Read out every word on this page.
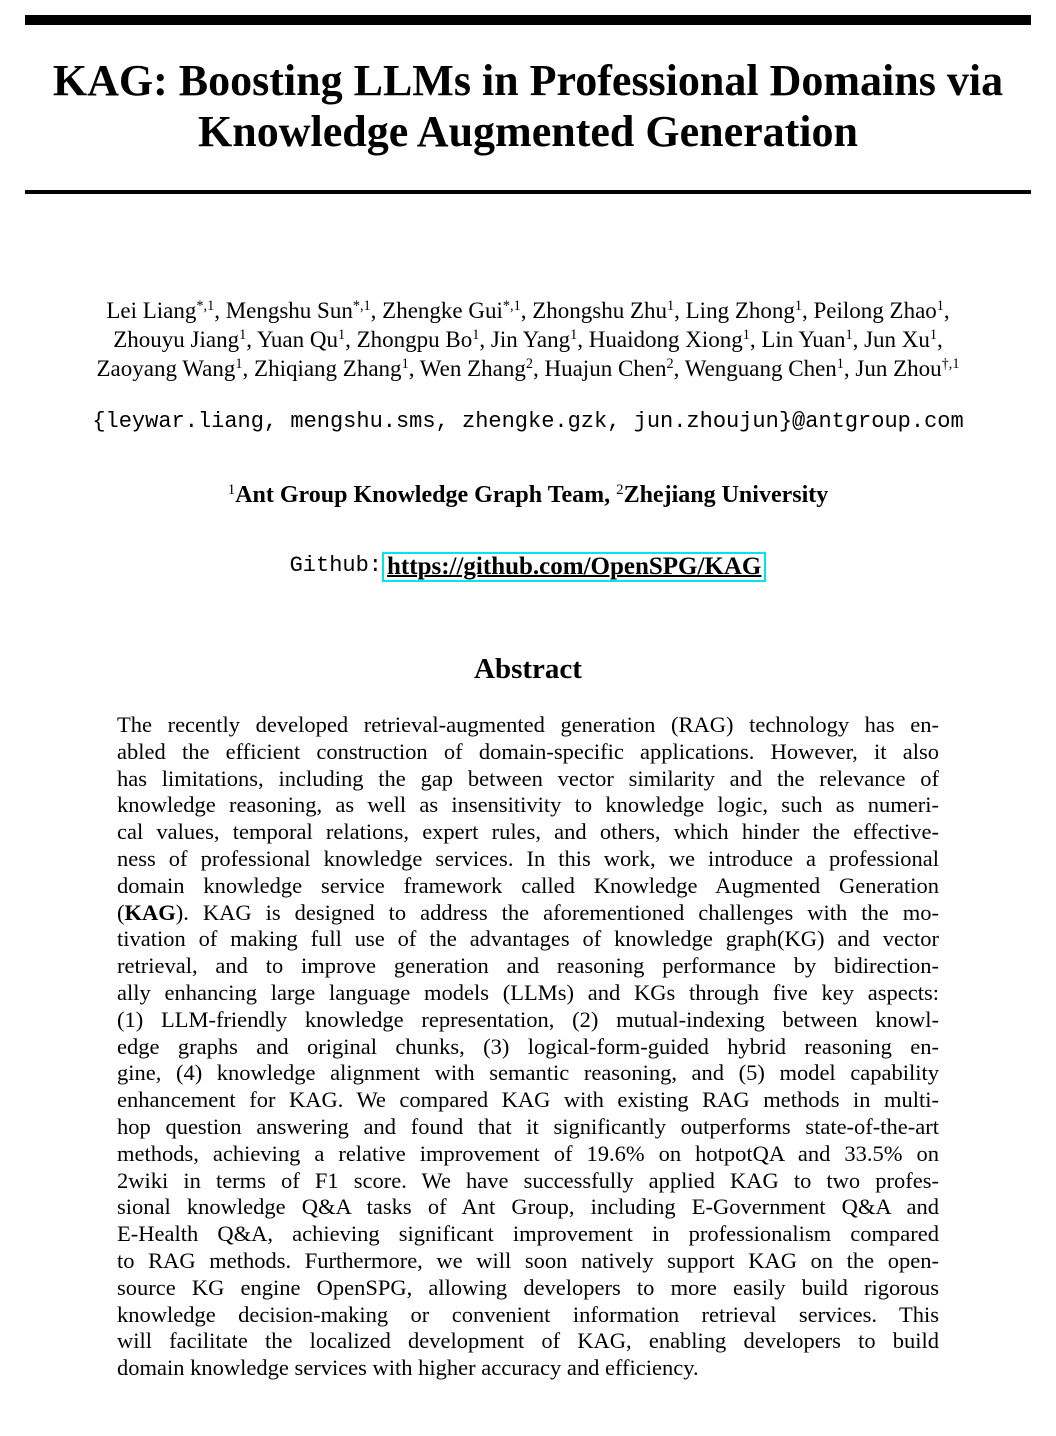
KAG: Boosting LLMs in Professional Domains via
Knowledge Augmented Generation
Lei Liang$^{*,1}$, Mengshu Sun$^{*,1}$, Zhengke Gui$^{*,1}$, Zhongshu Zhu$^1$, Ling Zhong$^1$, Peilong Zhao$^1$,
Zhouyu Jiang$^1$, Yuan Qu$^1$, Zhongpu Bo$^1$, Jin Yang$^1$, Huaidong Xiong$^1$, Lin Yuan$^1$, Jun Xu$^1$,
Zaoyang Wang$^1$, Zhiqiang Zhang$^1$, Wen Zhang$^2$, Huajun Chen$^2$, Wenguang Chen$^1$, Jun Zhou$^{\dagger,1}$
{leywar.liang, mengshu.sms, zhengke.gzk, jun.zhoujun}@antgroup.com
$^1$Ant Group Knowledge Graph Team, $^2$Zhejiang University
Github: https://github.com/OpenSPG/KAG
Abstract
The recently developed retrieval-augmented generation (RAG) technology has en-
abled the efficient construction of domain-specific applications. However, it also
has limitations, including the gap between vector similarity and the relevance of
knowledge reasoning, as well as insensitivity to knowledge logic, such as numeri-
cal values, temporal relations, expert rules, and others, which hinder the effective-
ness of professional knowledge services. In this work, we introduce a professional
domain knowledge service framework called Knowledge Augmented Generation
(KAG). KAG is designed to address the aforementioned challenges with the mo-
tivation of making full use of the advantages of knowledge graph(KG) and vector
retrieval, and to improve generation and reasoning performance by bidirection-
ally enhancing large language models (LLMs) and KGs through five key aspects:
(1) LLM-friendly knowledge representation, (2) mutual-indexing between knowl-
edge graphs and original chunks, (3) logical-form-guided hybrid reasoning en-
gine, (4) knowledge alignment with semantic reasoning, and (5) model capability
enhancement for KAG. We compared KAG with existing RAG methods in multi-
hop question answering and found that it significantly outperforms state-of-the-art
methods, achieving a relative improvement of 19.6% on hotpotQA and 33.5% on
2wiki in terms of F1 score. We have successfully applied KAG to two profes-
sional knowledge Q&A tasks of Ant Group, including E-Government Q&A and
E-Health Q&A, achieving significant improvement in professionalism compared
to RAG methods. Furthermore, we will soon natively support KAG on the open-
source KG engine OpenSPG, allowing developers to more easily build rigorous
knowledge decision-making or convenient information retrieval services. This
will facilitate the localized development of KAG, enabling developers to build
domain knowledge services with higher accuracy and efficiency.
